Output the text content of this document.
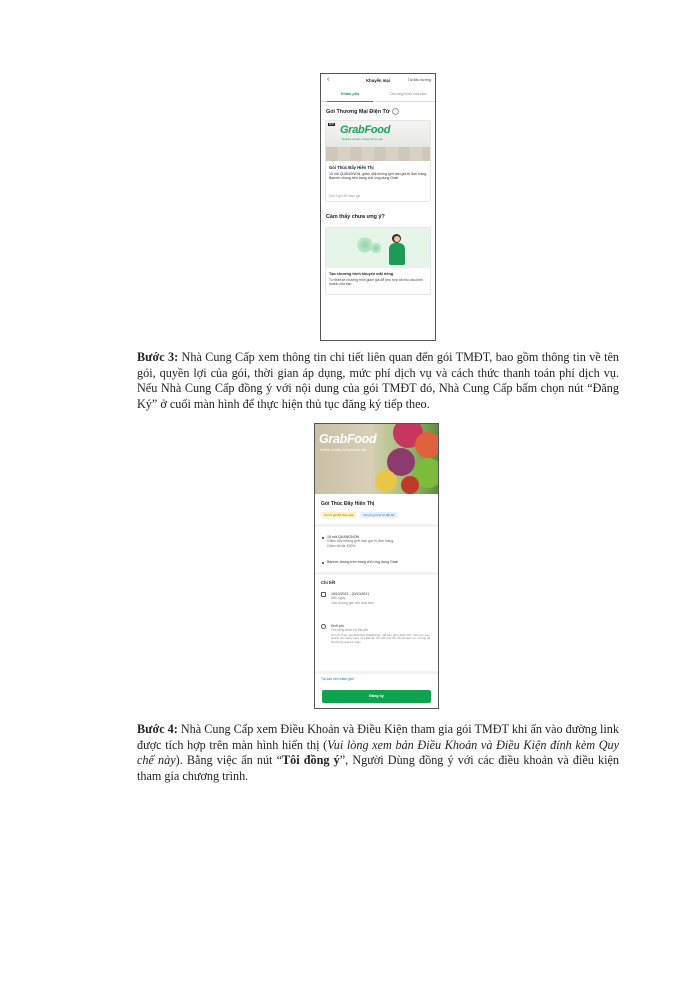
‹	Khuyến mại	Tài liệu hướng
Khám phá	Chương trình của bạn
Gói Thương Mại Điện Tử i
MỚI GrabFood
Deliver smiles, bring home eat
Gói Thúc Đẩy Hiển Thị
15 mã QUANGNON, giảm 40k không giới hạn giá trị đơn hàng, Banner chung trên trang chủ ứng dụng Grab
Còn 0 gói để tham gia
Cảm thấy chưa ưng ý?
Tạo chương trình khuyến mãi riêng
Tự thiết kế chương trình giảm giá để phù hợp tốt nhu cầu kinh doanh của bạn
Bước 3: Nhà Cung Cấp xem thông tin chi tiết liên quan đến gói TMĐT, bao gồm thông tin về tên gói, quyền lợi của gói, thời gian áp dụng, mức phí dịch vụ và cách thức thanh toán phí dịch vụ. Nếu Nhà Cung Cấp đồng ý với nội dung của gói TMĐT đó, Nhà Cung Cấp bấm chọn nút “Đăng Ký” ở cuối màn hình để thực hiện thủ tục đăng ký tiếp theo.
GrabFood
Deliver smiles, bring home eat
Gói Thúc Đẩy Hiển Thị
Còn 0 gói để tham gia	Chương trình từ đối tác
15 mã QUANGNON
Giảm 40k không giới hạn giá trị đơn hàng,
Giảm tối đa 100%
Banner chung trên trang chủ ứng dụng Grab
Chi tiết
18/10/2021 - 20/10/2021
865 ngày
Vào khung giờ mở cửa bán
Kinh phí
Chương trình có thu phí
Chi phí tham gia 800.000 VNĐ/tháng - đã bao gồm 10% VAT. Cần lưu sau doanh thu hàng ngày của Đối tác cho đến khi thu đủ phí dịch vụ, nhưng tối đa không quá 14 ngày.
Tại sao nên tham gia?
Đăng ký
Bước 4: Nhà Cung Cấp xem Điều Khoản và Điều Kiện tham gia gói TMĐT khi ấn vào đường link được tích hợp trên màn hình hiển thị (Vui lòng xem bản Điều Khoản và Điều Kiện đính kèm Quy chế này). Bằng việc ấn nút “Tôi đồng ý”, Người Dùng đồng ý với các điều khoản và điều kiện tham gia chương trình.
